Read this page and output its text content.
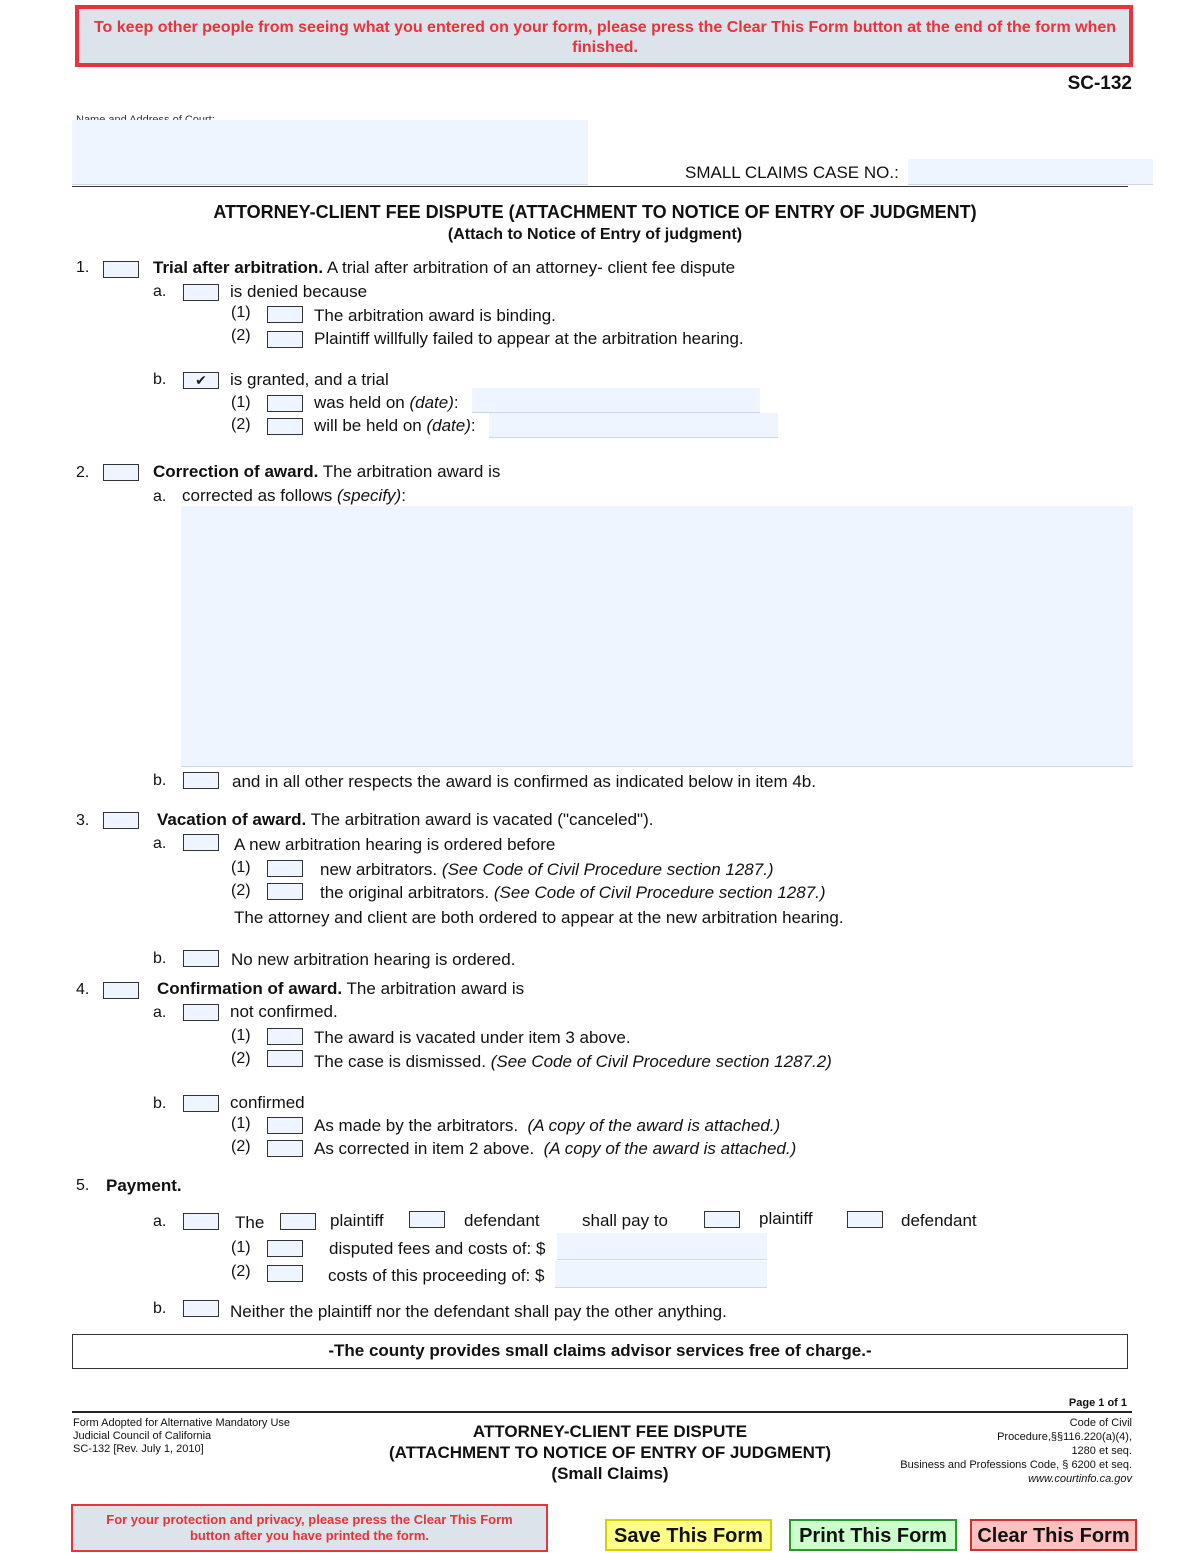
To keep other people from seeing what you entered on your form, please press the Clear This Form button at the end of the form when finished.
SC-132
SMALL CLAIMS CASE NO.:
ATTORNEY-CLIENT FEE DISPUTE (ATTACHMENT TO NOTICE OF ENTRY OF JUDGMENT)
(Attach to Notice of Entry of judgment)
1.	Trial after arbitration. A trial after arbitration of an attorney- client fee dispute
a.	is denied because
(1)	The arbitration award is binding.
(2)	Plaintiff willfully failed to appear at the arbitration hearing.
b.	✔	is granted, and a trial
(1)	was held on (date):
(2)	will be held on (date):
2.	Correction of award. The arbitration award is
a. corrected as follows (specify):
b.	and in all other respects the award is confirmed as indicated below in item 4b.
3.	Vacation of award. The arbitration award is vacated ("canceled").
a.	A new arbitration hearing is ordered before
(1)	new arbitrators. (See Code of Civil Procedure section 1287.)
(2)	the original arbitrators. (See Code of Civil Procedure section 1287.)
The attorney and client are both ordered to appear at the new arbitration hearing.
b.	No new arbitration hearing is ordered.
4.	Confirmation of award. The arbitration award is
a.	not confirmed.
(1)	The award is vacated under item 3 above.
(2)	The case is dismissed. (See Code of Civil Procedure section 1287.2)
b.	confirmed
(1)	As made by the arbitrators. (A copy of the award is attached.)
(2)	As corrected in item 2 above. (A copy of the award is attached.)
5. Payment.
a.	The	plaintiff	defendant shall pay to	plaintiff	defendant
(1)	disputed fees and costs of: $
(2)	costs of this proceeding of: $
b.	Neither the plaintiff nor the defendant shall pay the other anything.
-The county provides small claims advisor services free of charge.-
Page 1 of 1
Form Adopted for Alternative Mandatory Use
Judicial Council of California
SC-132 [Rev. July 1, 2010]
ATTORNEY-CLIENT FEE DISPUTE
(ATTACHMENT TO NOTICE OF ENTRY OF JUDGMENT)
(Small Claims)
Code of Civil
Procedure,§§116.220(a)(4),
1280 et seq.
Business and Professions Code, § 6200 et seq.
www.courtinfo.ca.gov
For your protection and privacy, please press the Clear This Form button after you have printed the form.	Save This Form	Print This Form	Clear This Form
